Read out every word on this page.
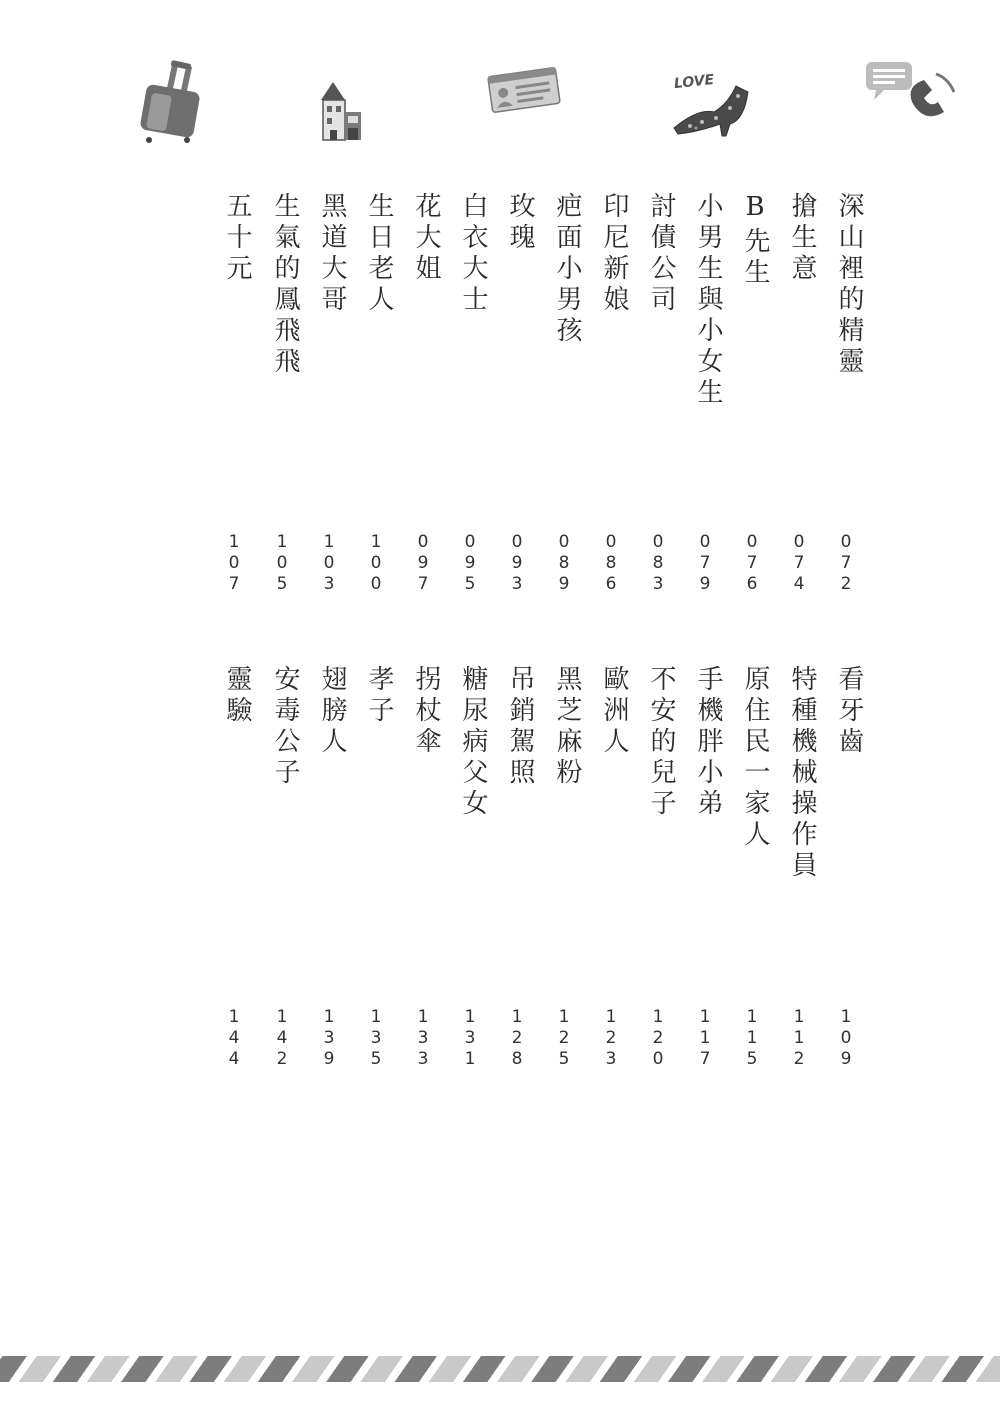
LOVE
深山裡的精靈
072
搶生意
074
B先生
076
小男生與小女生
079
討債公司
083
印尼新娘
086
疤面小男孩
089
玫瑰
093
白衣大士
095
花大姐
097
生日老人
100
黑道大哥
103
生氣的鳳飛飛
105
五十元
107
看牙齒
109
特種機械操作員
112
原住民一家人
115
手機胖小弟
117
不安的兒子
120
歐洲人
123
黑芝麻粉
125
吊銷駕照
128
糖尿病父女
131
拐杖傘
133
孝子
135
翅膀人
139
安毒公子
142
靈驗
144
